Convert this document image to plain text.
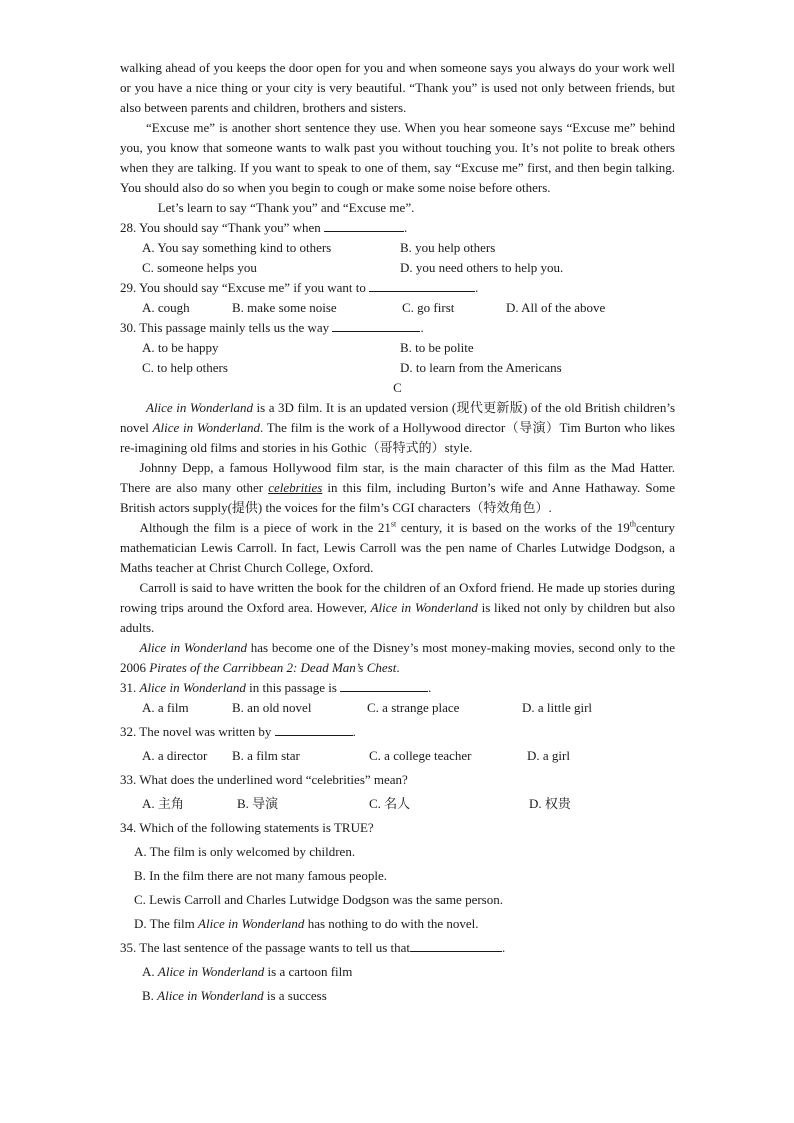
walking ahead of you keeps the door open for you and when someone says you always do your work well or you have a nice thing or your city is very beautiful. “Thank you” is used not only between friends, but also between parents and children, brothers and sisters.

“Excuse me” is another short sentence they use. When you hear someone says “Excuse me” behind you, you know that someone wants to walk past you without touching you. It’s not polite to break others when they are talking. If you want to speak to one of them, say “Excuse me” first, and then begin talking. You should also do so when you begin to cough or make some noise before others.

Let’s learn to say “Thank you” and “Excuse me”.

28. You should say “Thank you” when	.
A. You say something kind to others	B. you help others
C. someone helps you	D. you need others to help you.
29. You should say “Excuse me” if you want to	.
A. cough	B. make some noise	C. go first	D. All of the above
30. This passage mainly tells us the way	.
A. to be happy	B. to be polite
C. to help others	D. to learn from the Americans

C

Alice in Wonderland is a 3D film. It is an updated version (现代更新版) of the old British children’s novel Alice in Wonderland. The film is the work of a Hollywood director（导演）Tim Burton who likes re-imagining old films and stories in his Gothic（哥特式的）style.

Johnny Depp, a famous Hollywood film star, is the main character of this film as the Mad Hatter. There are also many other celebrities in this film, including Burton’s wife and Anne Hathaway. Some British actors supply(提供) the voices for the film’s CGI characters（特效角色）.

Although the film is a piece of work in the 21st century, it is based on the works of the 19thcentury mathematician Lewis Carroll. In fact, Lewis Carroll was the pen name of Charles Lutwidge Dodgson, a Maths teacher at Christ Church College, Oxford.

Carroll is said to have written the book for the children of an Oxford friend. He made up stories during rowing trips around the Oxford area. However, Alice in Wonderland is liked not only by children but also adults.

Alice in Wonderland has become one of the Disney’s most money-making movies, second only to the 2006 Pirates of the Carribbean 2: Dead Man’s Chest.

31. Alice in Wonderland in this passage is	.
A. a film	B. an old novel	C. a strange place	D. a little girl
32. The novel was written by	.
A. a director	B. a film star	C. a college teacher	D. a girl
33. What does the underlined word “celebrities” mean?
A. 主角	B. 导演	C. 名人	D. 权贵
34. Which of the following statements is TRUE?
A. The film is only welcomed by children.
B. In the film there are not many famous people.
C. Lewis Carroll and Charles Lutwidge Dodgson was the same person.
D. The film Alice in Wonderland has nothing to do with the novel.
35. The last sentence of the passage wants to tell us that	.
A. Alice in Wonderland is a cartoon film
B. Alice in Wonderland is a success
